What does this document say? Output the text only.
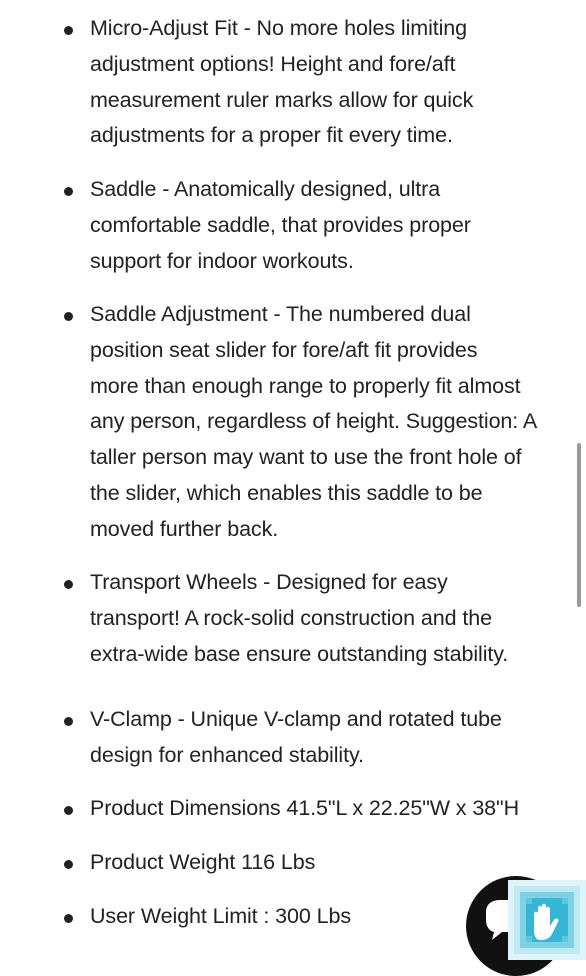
Micro-Adjust Fit - No more holes limiting
adjustment options! Height and fore/aft
measurement ruler marks allow for quick
adjustments for a proper fit every time.
Saddle - Anatomically designed, ultra
comfortable saddle, that provides proper
support for indoor workouts.
Saddle Adjustment - The numbered dual
position seat slider for fore/aft fit provides
more than enough range to properly fit almost
any person, regardless of height. Suggestion: A
taller person may want to use the front hole of
the slider, which enables this saddle to be
moved further back.
Transport Wheels - Designed for easy
transport! A rock-solid construction and the
extra-wide base ensure outstanding stability.
V-Clamp - Unique V-clamp and rotated tube
design for enhanced stability.
Product Dimensions 41.5"L x 22.25"W x 38"H
Product Weight 116 Lbs
User Weight Limit : 300 Lbs
